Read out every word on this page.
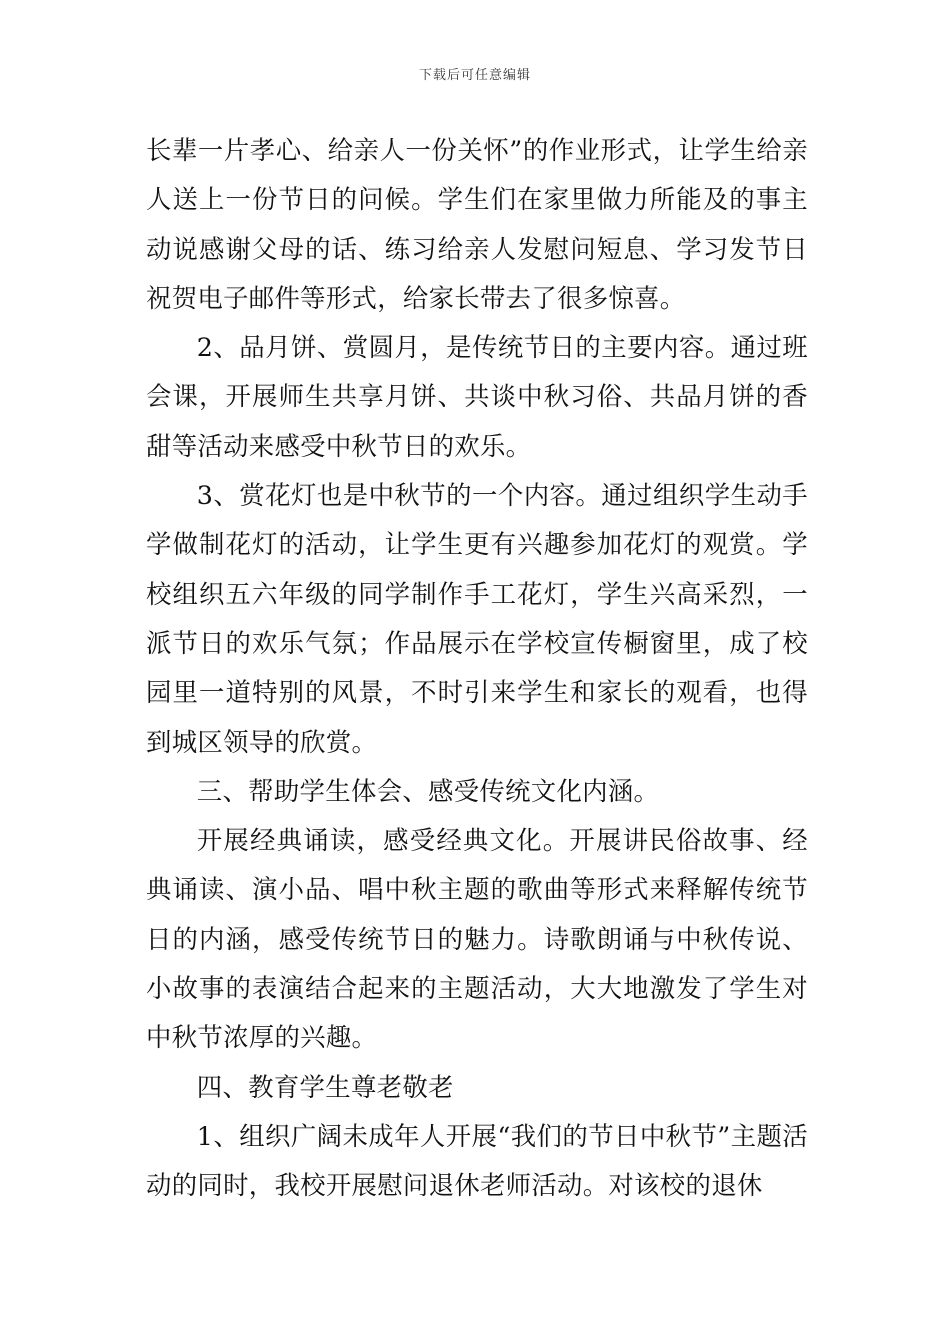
下载后可任意编辑

长辈一片孝心、给亲人一份关怀”的作业形式，让学生给亲人送上一份节日的问候。学生们在家里做力所能及的事主动说感谢父母的话、练习给亲人发慰问短息、学习发节日祝贺电子邮件等形式，给家长带去了很多惊喜。

2、品月饼、赏圆月，是传统节日的主要内容。通过班会课，开展师生共享月饼、共谈中秋习俗、共品月饼的香甜等活动来感受中秋节日的欢乐。

3、赏花灯也是中秋节的一个内容。通过组织学生动手学做制花灯的活动，让学生更有兴趣参加花灯的观赏。学校组织五六年级的同学制作手工花灯，学生兴高采烈，一派节日的欢乐气氛；作品展示在学校宣传橱窗里，成了校园里一道特别的风景，不时引来学生和家长的观看，也得到城区领导的欣赏。

三、帮助学生体会、感受传统文化内涵。

开展经典诵读，感受经典文化。开展讲民俗故事、经典诵读、演小品、唱中秋主题的歌曲等形式来释解传统节日的内涵，感受传统节日的魅力。诗歌朗诵与中秋传说、小故事的表演结合起来的主题活动，大大地激发了学生对中秋节浓厚的兴趣。

四、教育学生尊老敬老

1、组织广阔未成年人开展“我们的节日中秋节”主题活动的同时，我校开展慰问退休老师活动。对该校的退休
